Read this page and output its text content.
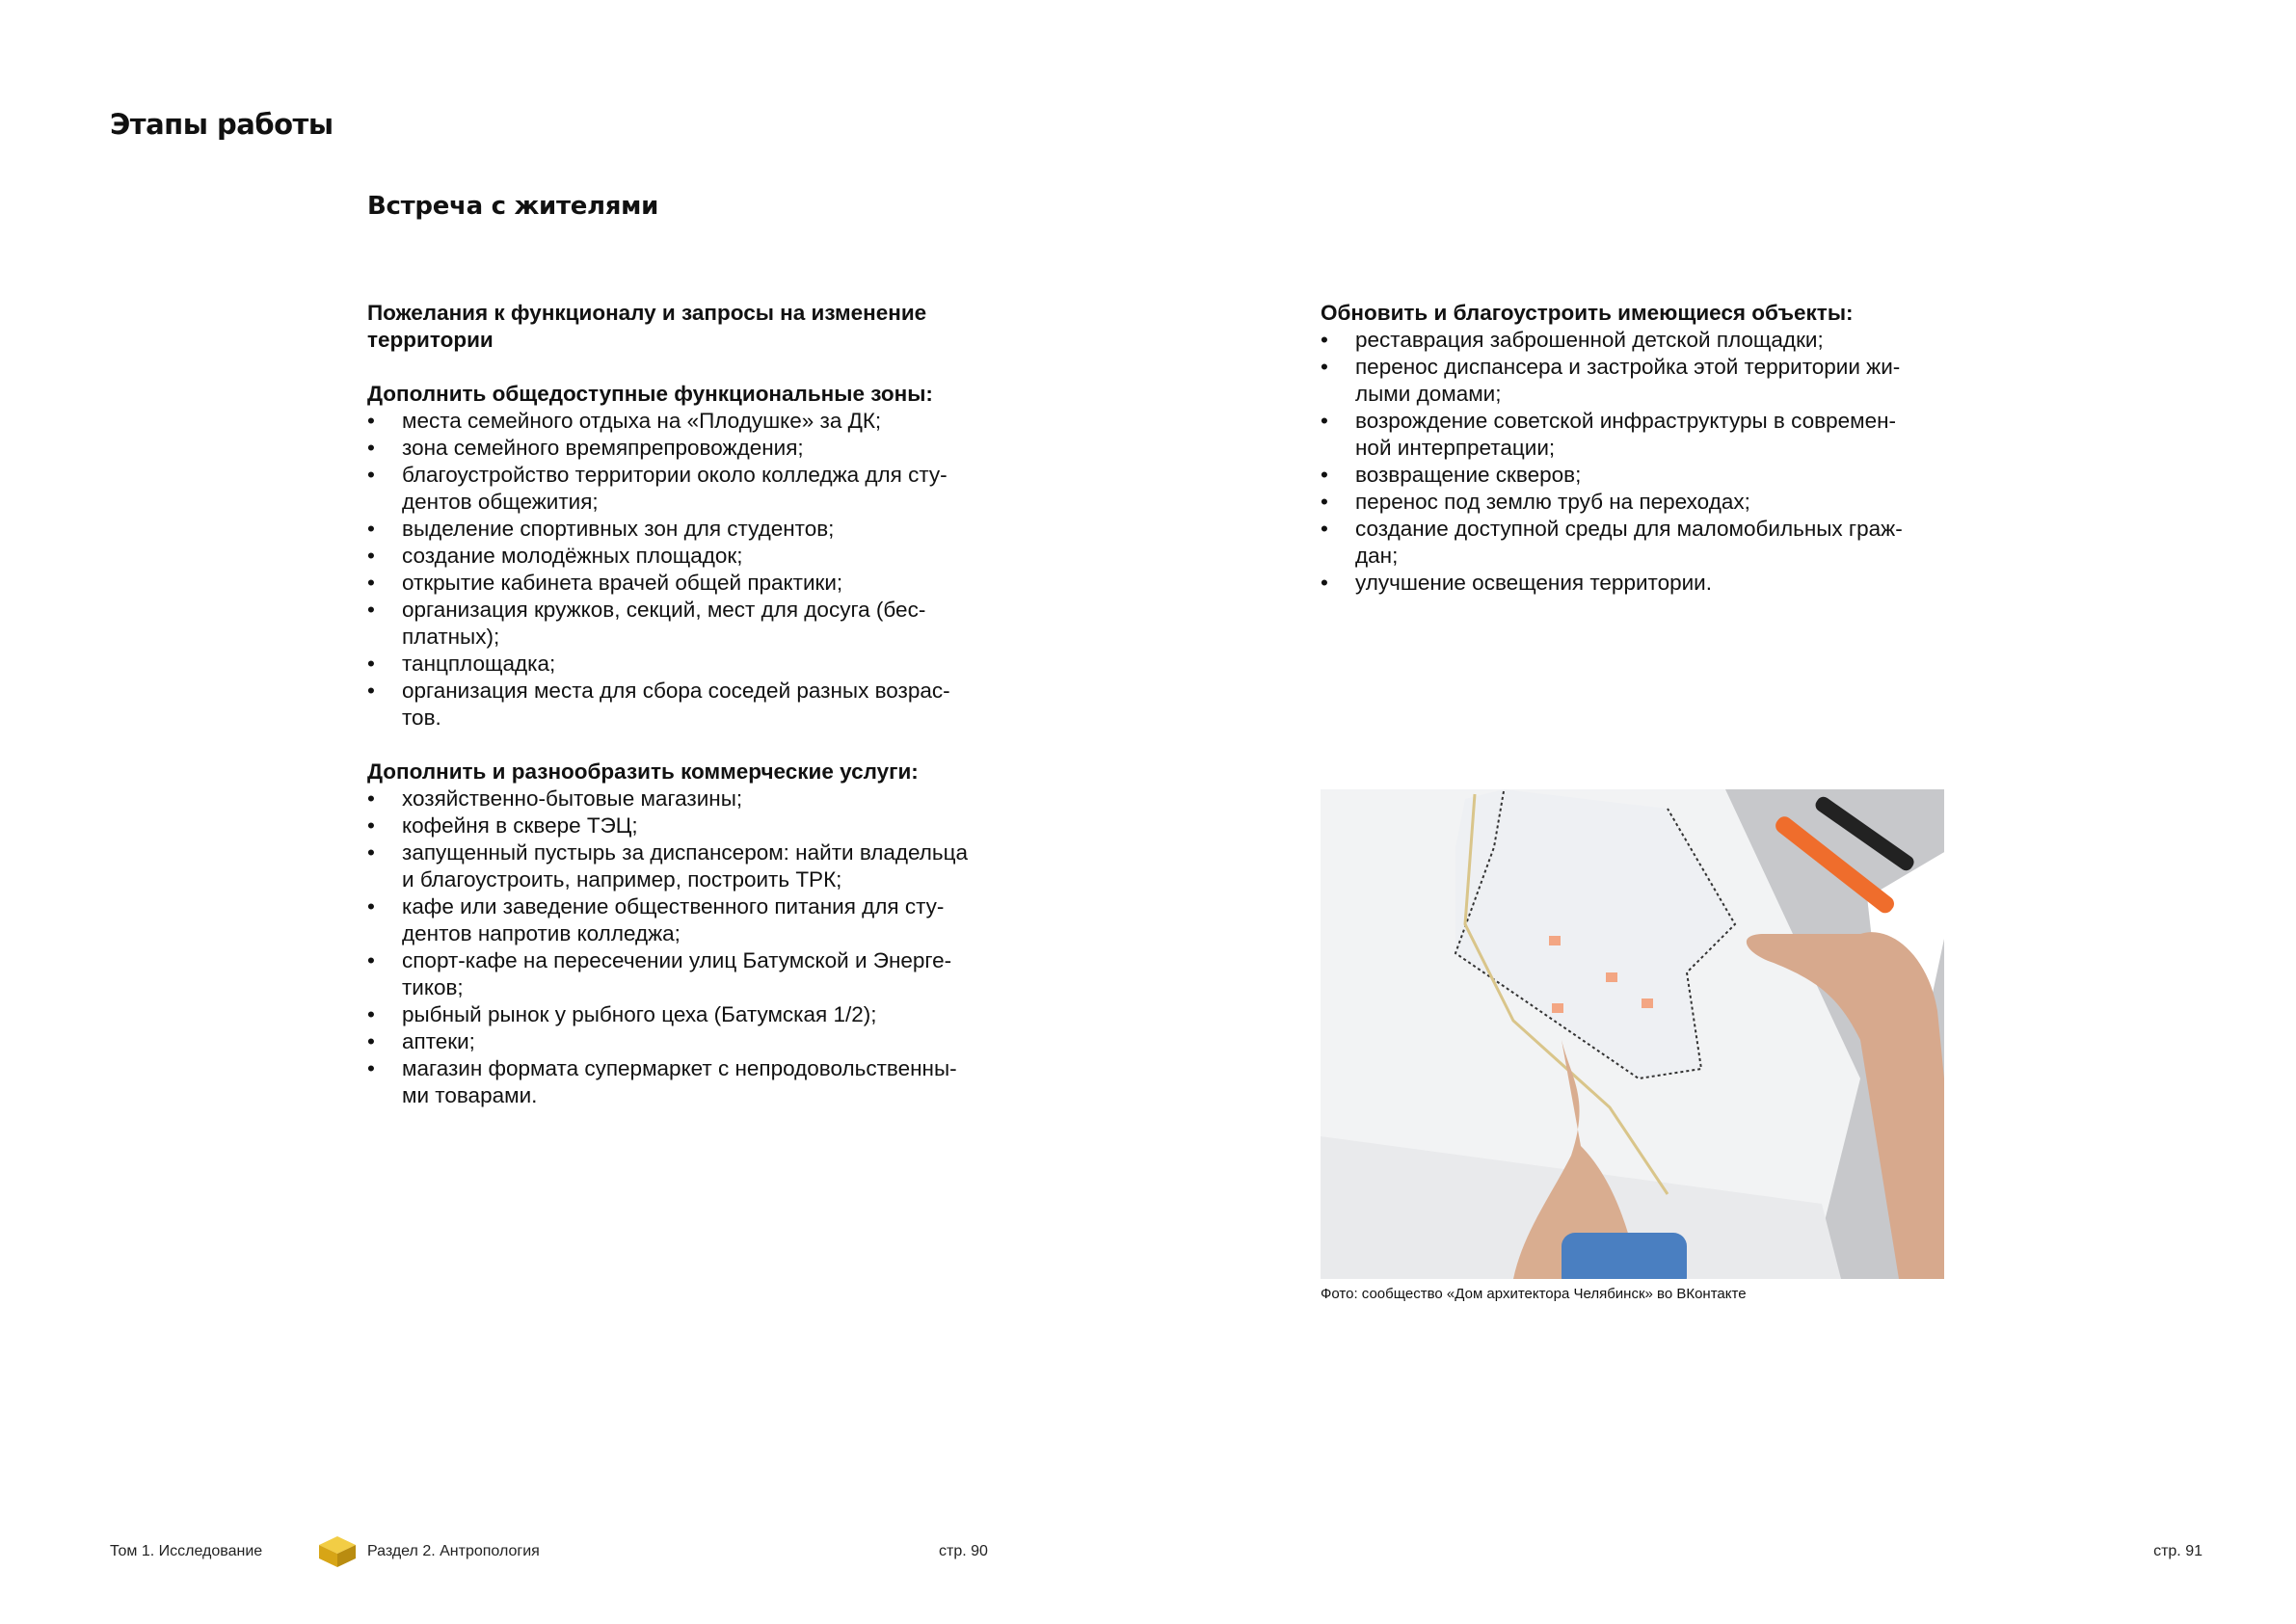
Этапы работы
Встреча с жителями

Пожелания к функционалу и запросы на изменение территории

Дополнить общедоступные функциональные зоны:

• места семейного отдыха на «Плодушке» за ДК;
• зона семейного времяпрепровождения;
• благоустройство территории около колледжа для сту-
дентов общежития;
• выделение спортивных зон для студентов;
• создание молодёжных площадок;
• открытие кабинета врачей общей практики;
• организация кружков, секций, мест для досуга (бес-
платных);
• танцплощадка;
• организация места для сбора соседей разных возрас-
тов.

Дополнить и разнообразить коммерческие услуги:

• хозяйственно-бытовые магазины;
• кофейня в сквере ТЭЦ;
• запущенный пустырь за диспансером: найти владельца
и благоустроить, например, построить ТРК;
• кафе или заведение общественного питания для сту-
дентов напротив колледжа;
• спорт-кафе на пересечении улиц Батумской и Энерге-
тиков;
• рыбный рынок у рыбного цеха (Батумская 1/2);
• аптеки;
• магазин формата супермаркет с непродовольственны-
ми товарами.

Обновить и благоустроить имеющиеся объекты:

• реставрация заброшенной детской площадки;
• перенос диспансера и застройка этой территории жи-
лыми домами;
• возрождение советской инфраструктуры в современ-
ной интерпретации;
• возвращение скверов;
• перенос под землю труб на переходах;
• создание доступной среды для маломобильных граж-
дан;
• улучшение освещения территории.
Фото: сообщество «Дом архитектора Челябинск» во ВКонтакте
Том 1. Исследование	Раздел 2. Антропология	стр. 90	стр. 91
